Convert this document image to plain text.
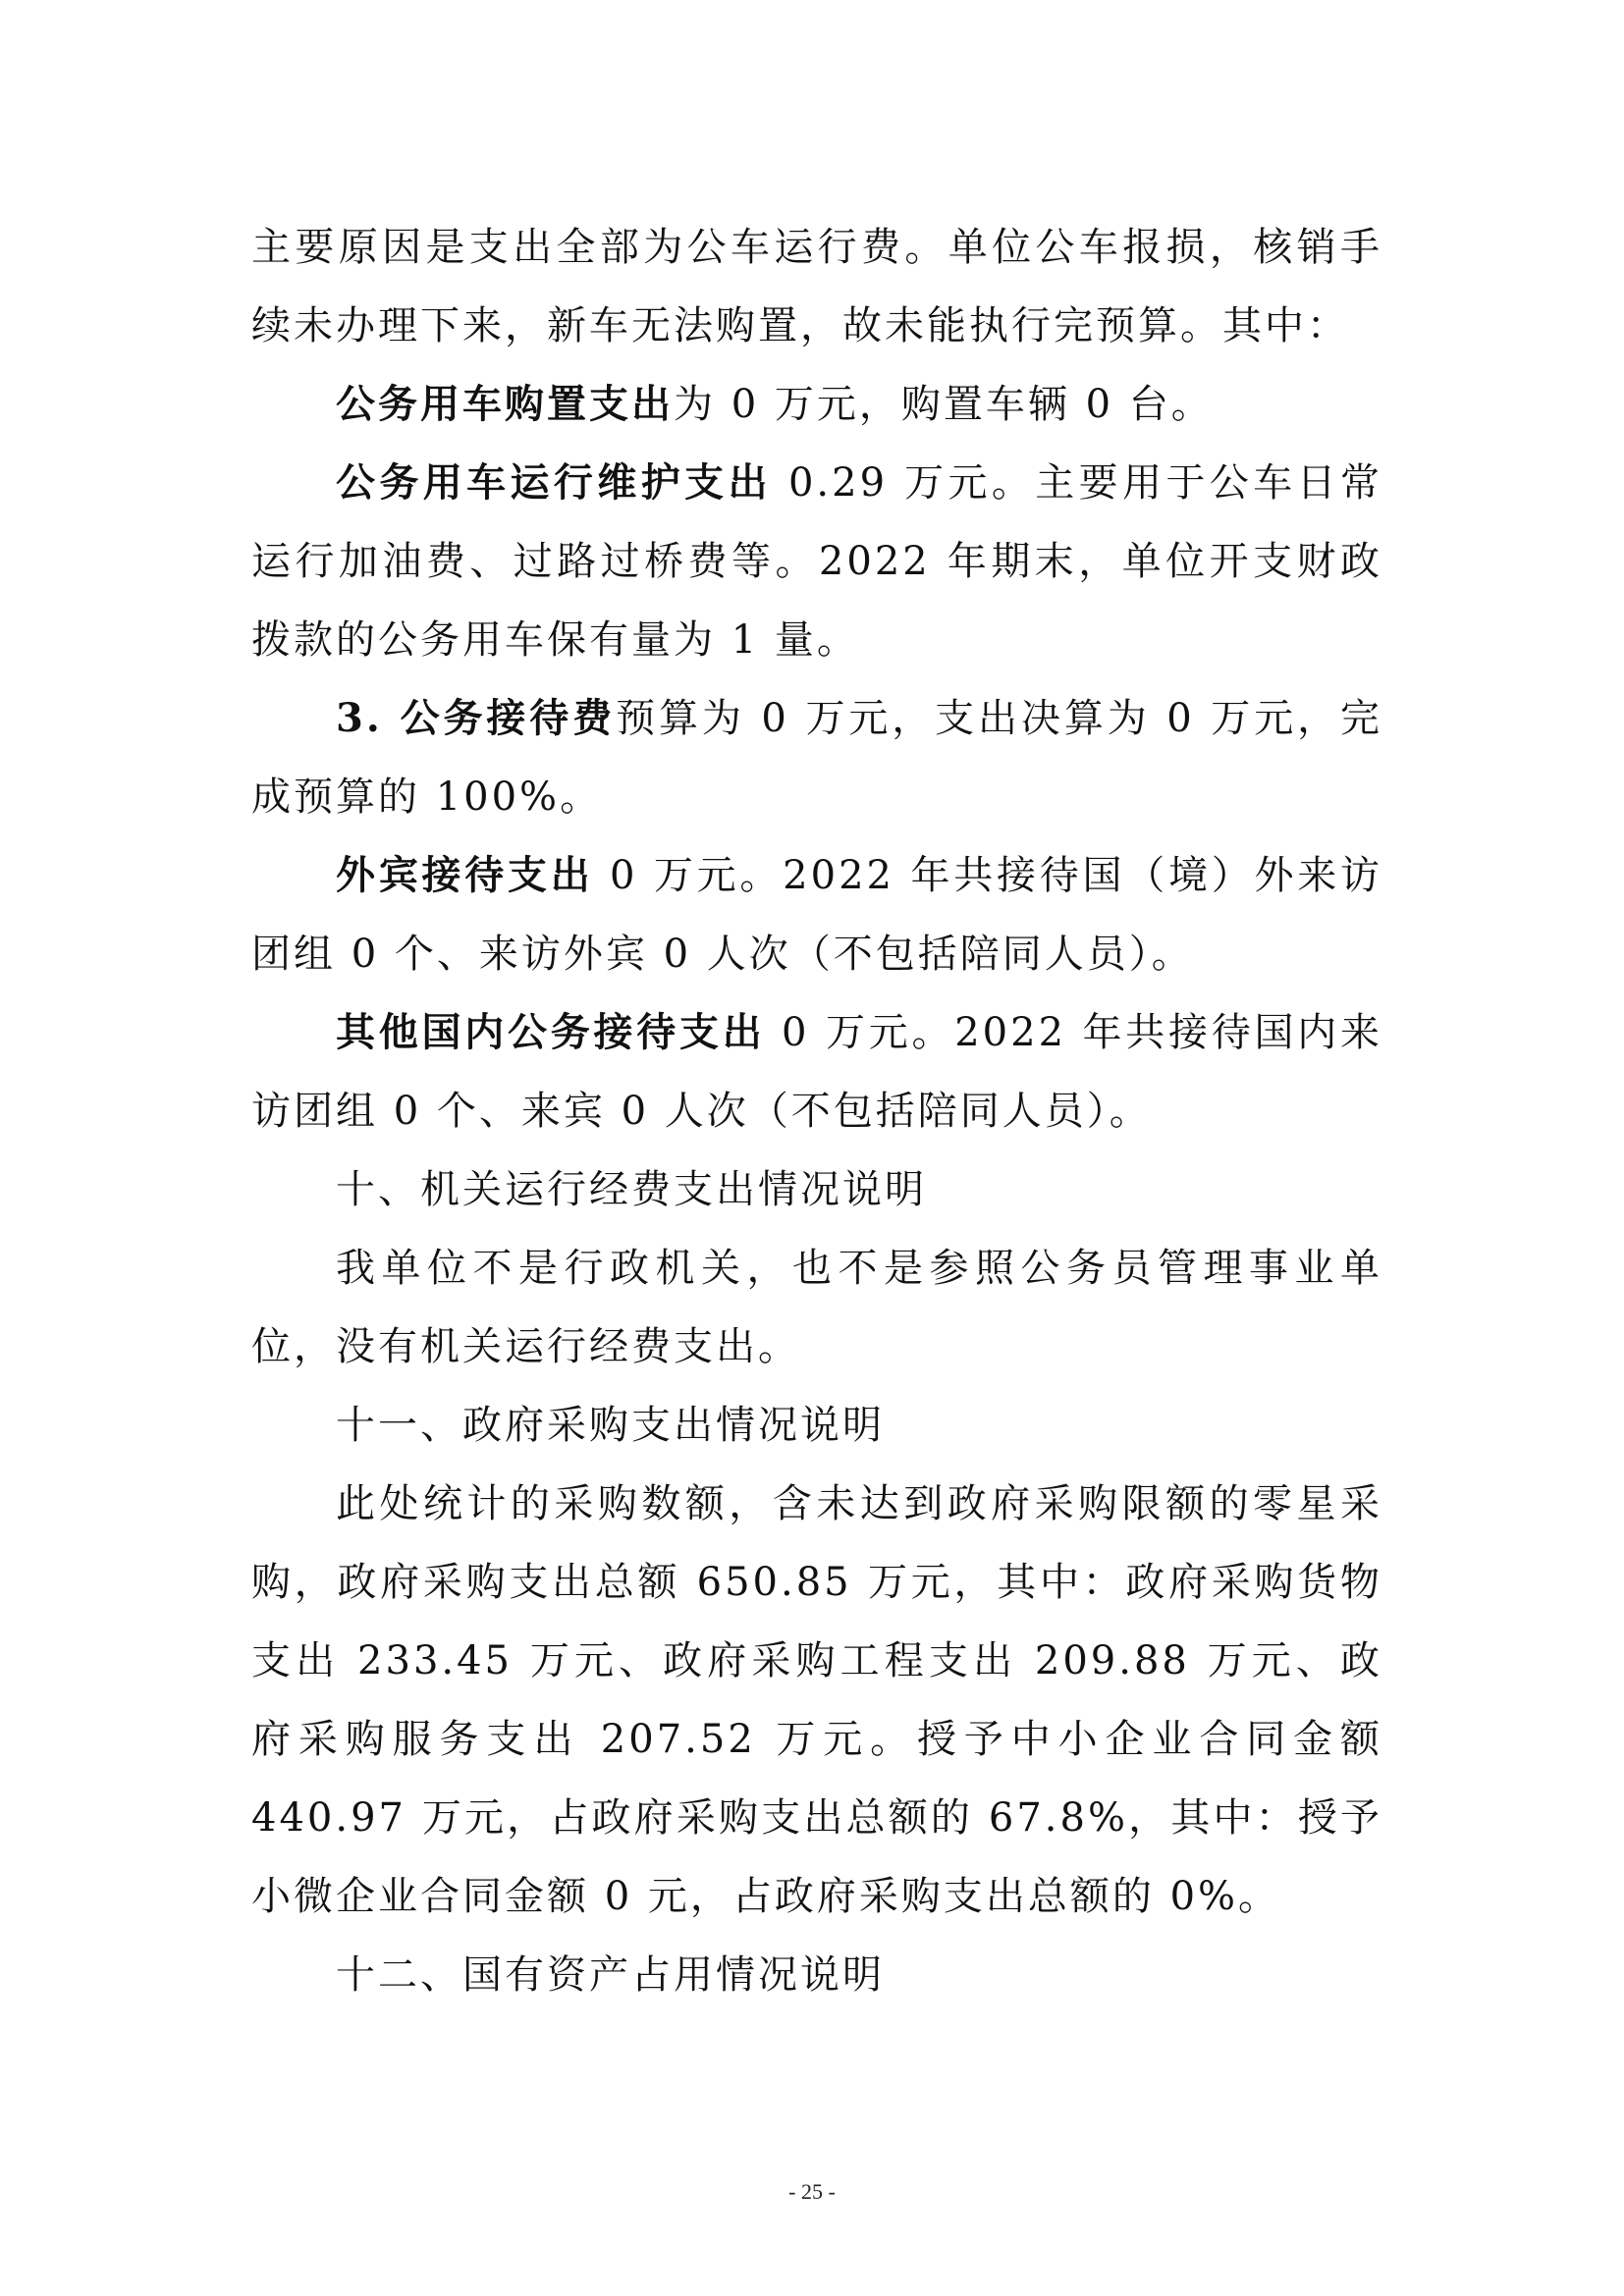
主要原因是支出全部为公车运行费。单位公车报损，核销手续未办理下来，新车无法购置，故未能执行完预算。其中：

公务用车购置支出为 0 万元，购置车辆 0 台。

公务用车运行维护支出 0.29 万元。主要用于公车日常运行加油费、过路过桥费等。2022 年期末，单位开支财政拨款的公务用车保有量为 1 量。

3. 公务接待费预算为 0 万元，支出决算为 0 万元，完成预算的 100%。

外宾接待支出 0 万元。2022 年共接待国（境）外来访团组 0 个、来访外宾 0 人次（不包括陪同人员）。

其他国内公务接待支出 0 万元。2022 年共接待国内来访团组 0 个、来宾 0 人次（不包括陪同人员）。

十、机关运行经费支出情况说明

我单位不是行政机关，也不是参照公务员管理事业单位，没有机关运行经费支出。

十一、政府采购支出情况说明

此处统计的采购数额，含未达到政府采购限额的零星采购，政府采购支出总额 650.85 万元，其中：政府采购货物支出 233.45 万元、政府采购工程支出 209.88 万元、政府采购服务支出 207.52 万元。授予中小企业合同金额 440.97 万元，占政府采购支出总额的 67.8%，其中：授予小微企业合同金额 0 元，占政府采购支出总额的 0%。

十二、国有资产占用情况说明

- 25 -
